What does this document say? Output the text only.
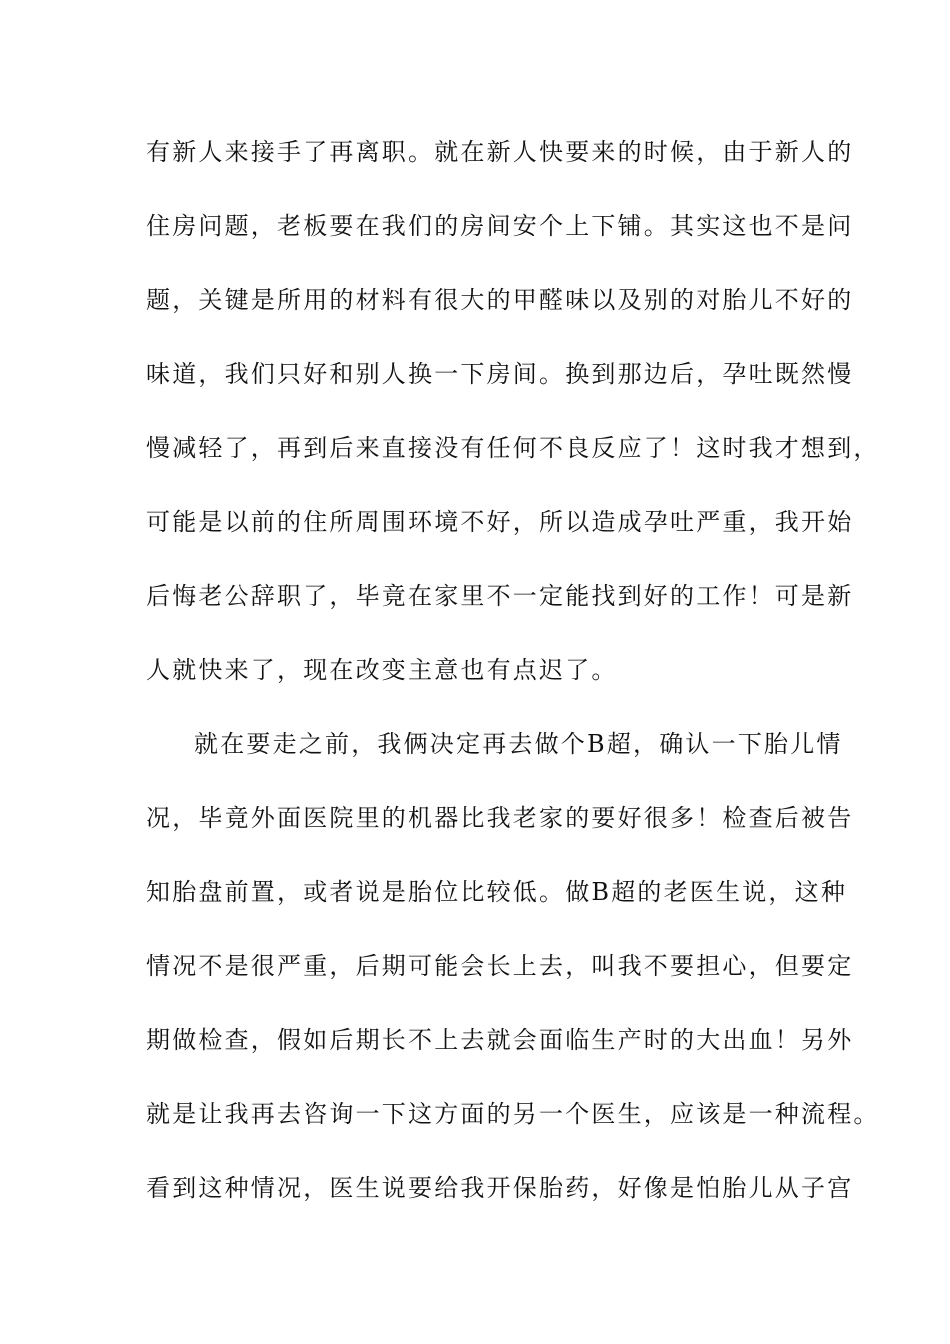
有新人来接手了再离职。就在新人快要来的时候，由于新人的
住房问题，老板要在我们的房间安个上下铺。其实这也不是问
题，关键是所用的材料有很大的甲醛味以及别的对胎儿不好的
味道，我们只好和别人换一下房间。换到那边后，孕吐既然慢
慢减轻了，再到后来直接没有任何不良反应了！这时我才想到，
可能是以前的住所周围环境不好，所以造成孕吐严重，我开始
后悔老公辞职了，毕竟在家里不一定能找到好的工作！可是新
人就快来了，现在改变主意也有点迟了。
就在要走之前，我俩决定再去做个B超，确认一下胎儿情
况，毕竟外面医院里的机器比我老家的要好很多！检查后被告
知胎盘前置，或者说是胎位比较低。做B超的老医生说，这种
情况不是很严重，后期可能会长上去，叫我不要担心，但要定
期做检查，假如后期长不上去就会面临生产时的大出血！另外
就是让我再去咨询一下这方面的另一个医生，应该是一种流程。
看到这种情况，医生说要给我开保胎药，好像是怕胎儿从子宫
